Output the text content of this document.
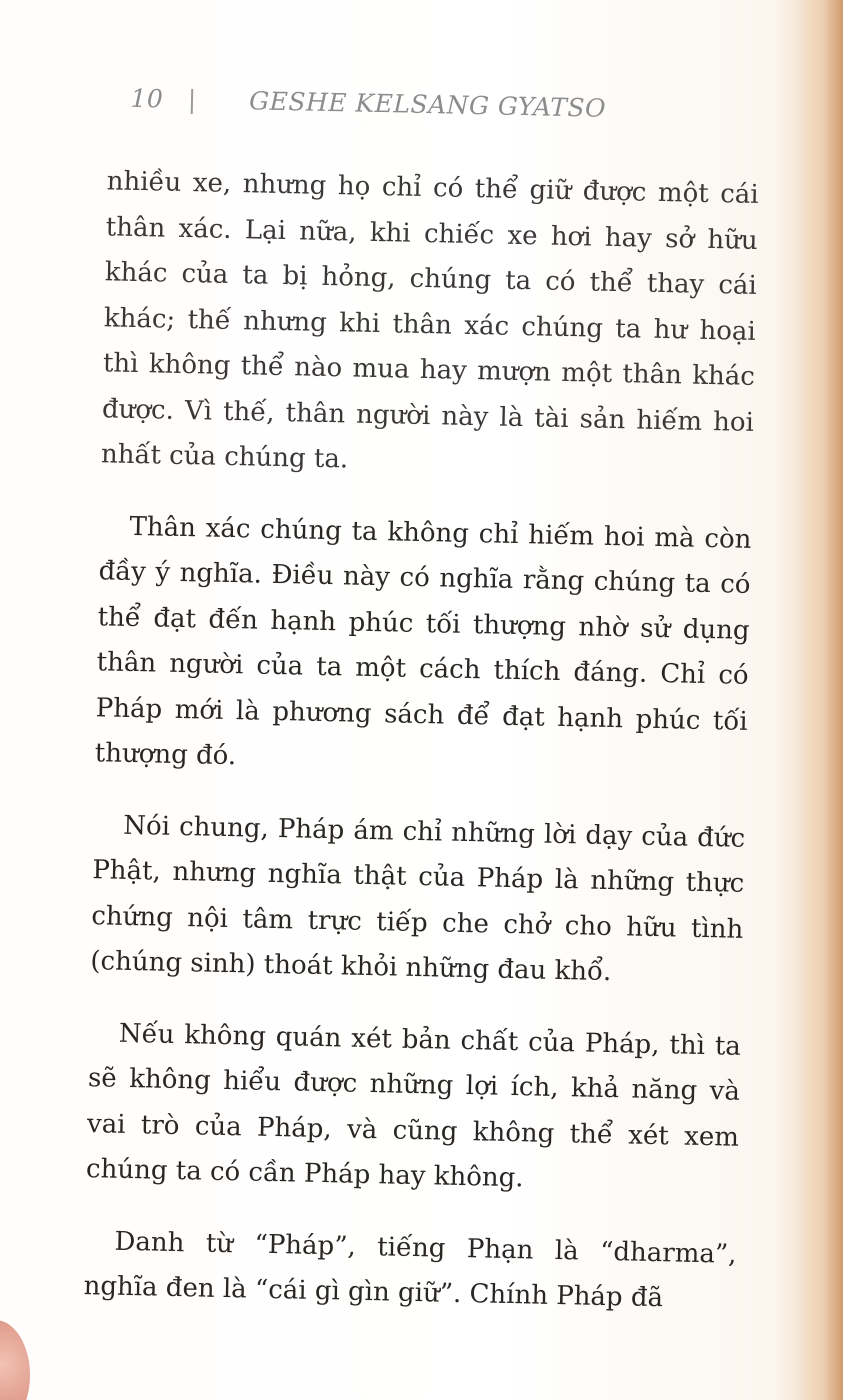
10 | GESHE KELSANG GYATSO

nhiều xe, nhưng họ chỉ có thể giữ được một cái thân xác. Lại nữa, khi chiếc xe hơi hay sở hữu khác của ta bị hỏng, chúng ta có thể thay cái khác; thế nhưng khi thân xác chúng ta hư hoại thì không thể nào mua hay mượn một thân khác được. Vì thế, thân người này là tài sản hiếm hoi nhất của chúng ta.

Thân xác chúng ta không chỉ hiếm hoi mà còn đầy ý nghĩa. Điều này có nghĩa rằng chúng ta có thể đạt đến hạnh phúc tối thượng nhờ sử dụng thân người của ta một cách thích đáng. Chỉ có Pháp mới là phương sách để đạt hạnh phúc tối thượng đó.

Nói chung, Pháp ám chỉ những lời dạy của đức Phật, nhưng nghĩa thật của Pháp là những thực chứng nội tâm trực tiếp che chở cho hữu tình (chúng sinh) thoát khỏi những đau khổ.

Nếu không quán xét bản chất của Pháp, thì ta sẽ không hiểu được những lợi ích, khả năng và vai trò của Pháp, và cũng không thể xét xem chúng ta có cần Pháp hay không.

Danh từ “Pháp”, tiếng Phạn là “dharma”, nghĩa đen là “cái gì gìn giữ”. Chính Pháp đã
